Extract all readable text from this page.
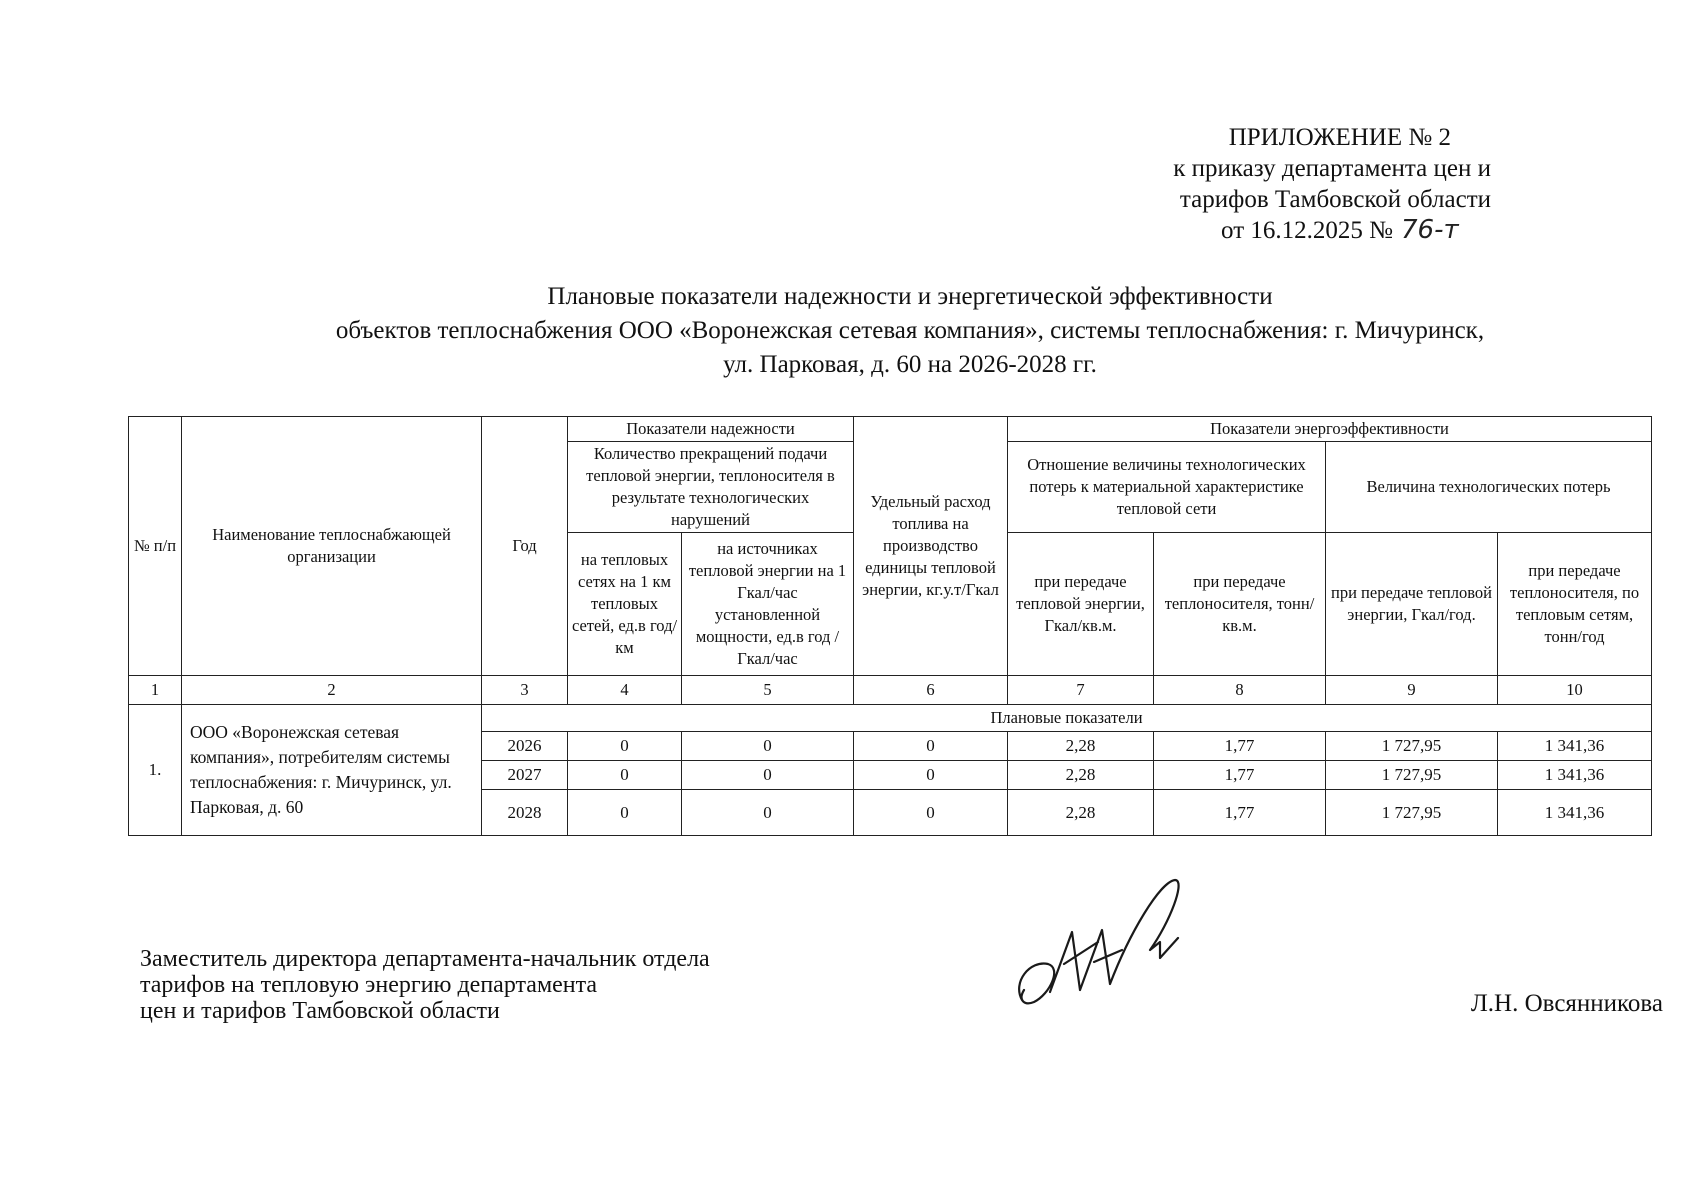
ПРИЛОЖЕНИЕ № 2
к приказу департамента цен и
тарифов Тамбовской области
от 16.12.2025 № 76-т
Плановые показатели надежности и энергетической эффективности
объектов теплоснабжения ООО «Воронежская сетевая компания», системы теплоснабжения: г. Мичуринск,
ул. Парковая, д. 60 на 2026-2028 гг.
№ п/п	Наименование теплоснабжающей организации	Год	Показатели надежности		Удельный расход топлива на производство единицы тепловой энергии, кг.у.т/Гкал	Показатели энергоэффективности			
			Количество прекращений подачи тепловой энергии, теплоносителя в результате технологических нарушений			Отношение величины технологических потерь к материальной характеристике тепловой сети		Величина технологических потерь	
			на тепловых сетях на 1 км тепловых сетей, ед.в год/км	на источниках тепловой энергии на 1 Гкал/час установленной мощности, ед.в год /Гкал/час		при передаче тепловой энергии, Гкал/кв.м.	при передаче теплоносителя, тонн/кв.м.	при передаче тепловой энергии, Гкал/год.	при передаче теплоносителя, по тепловым сетям, тонн/год
1	2	3	4	5	6	7	8	9	10
1.	ООО «Воронежская сетевая компания», потребителям системы теплоснабжения: г. Мичуринск, ул. Парковая, д. 60	Плановые показатели							
		2026	0	0	0	2,28	1,77	1 727,95	1 341,36
		2027	0	0	0	2,28	1,77	1 727,95	1 341,36
		2028	0	0	0	2,28	1,77	1 727,95	1 341,36
Заместитель директора департамента-начальник отдела
тарифов на тепловую энергию департамента
цен и тарифов Тамбовской области	Л.Н. Овсянникова
